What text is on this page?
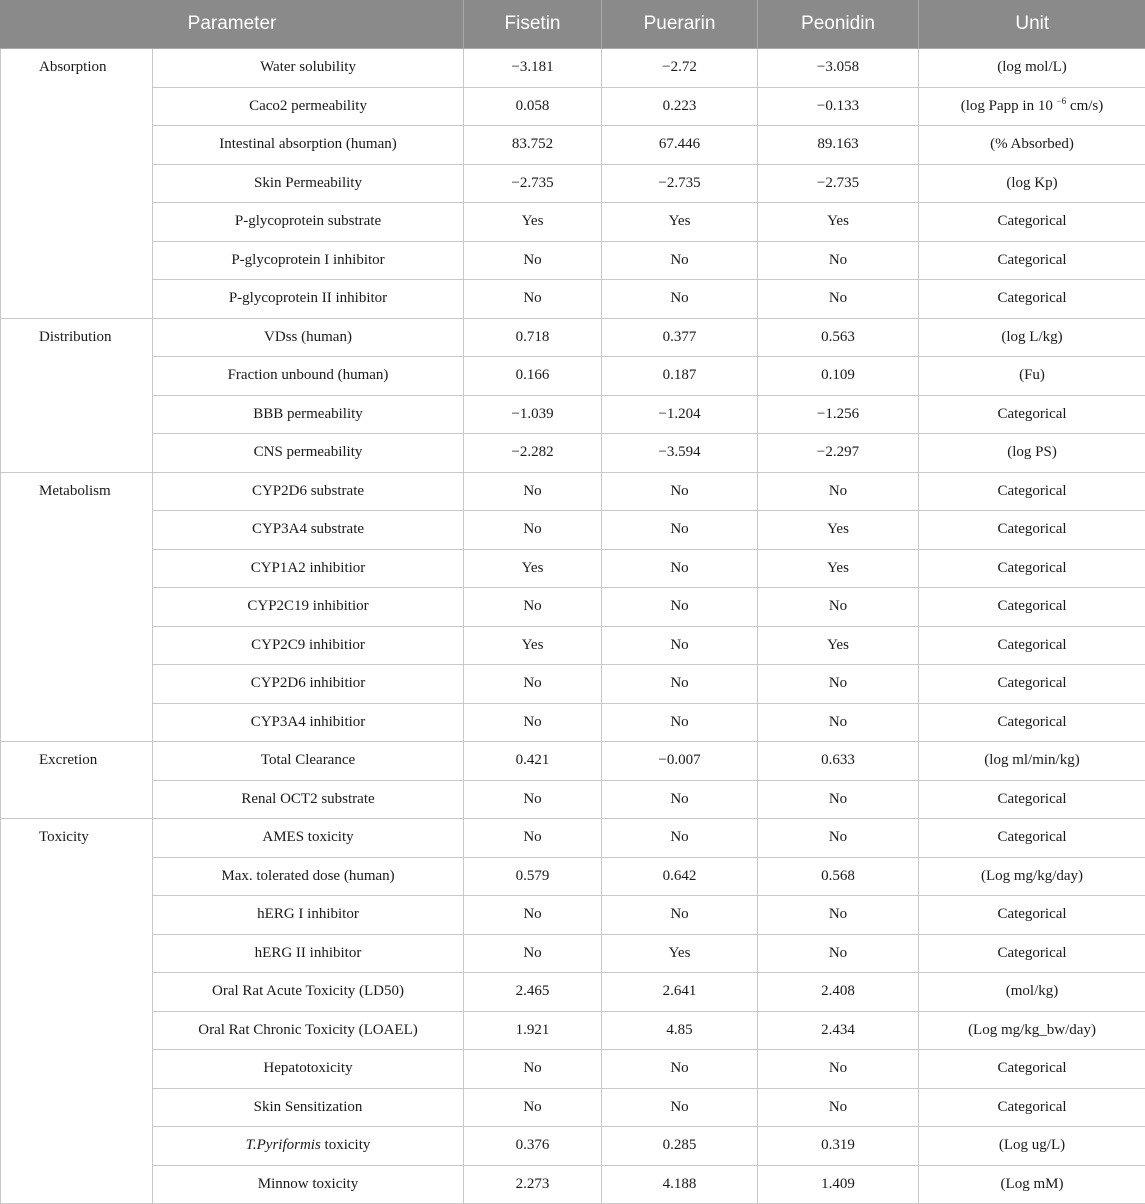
Parameter		Fisetin	Puerarin	Peonidin	Unit
Absorption	Water solubility	−3.181	−2.72	−3.058	(log mol/L)
	Caco2 permeability	0.058	0.223	−0.133	(log Papp in 10 $^{-6}$ cm/s)
	Intestinal absorption (human)	83.752	67.446	89.163	(% Absorbed)
	Skin Permeability	−2.735	−2.735	−2.735	(log Kp)
	P-glycoprotein substrate	Yes	Yes	Yes	Categorical
	P-glycoprotein I inhibitor	No	No	No	Categorical
	P-glycoprotein II inhibitor	No	No	No	Categorical
Distribution	VDss (human)	0.718	0.377	0.563	(log L/kg)
	Fraction unbound (human)	0.166	0.187	0.109	(Fu)
	BBB permeability	−1.039	−1.204	−1.256	Categorical
	CNS permeability	−2.282	−3.594	−2.297	(log PS)
Metabolism	CYP2D6 substrate	No	No	No	Categorical
	CYP3A4 substrate	No	No	Yes	Categorical
	CYP1A2 inhibitior	Yes	No	Yes	Categorical
	CYP2C19 inhibitior	No	No	No	Categorical
	CYP2C9 inhibitior	Yes	No	Yes	Categorical
	CYP2D6 inhibitior	No	No	No	Categorical
	CYP3A4 inhibitior	No	No	No	Categorical
Excretion	Total Clearance	0.421	−0.007	0.633	(log ml/min/kg)
	Renal OCT2 substrate	No	No	No	Categorical
Toxicity	AMES toxicity	No	No	No	Categorical
	Max. tolerated dose (human)	0.579	0.642	0.568	(Log mg/kg/day)
	hERG I inhibitor	No	No	No	Categorical
	hERG II inhibitor	No	Yes	No	Categorical
	Oral Rat Acute Toxicity (LD50)	2.465	2.641	2.408	(mol/kg)
	Oral Rat Chronic Toxicity (LOAEL)	1.921	4.85	2.434	(Log mg/kg_bw/day)
	Hepatotoxicity	No	No	No	Categorical
	Skin Sensitization	No	No	No	Categorical
	T.Pyriformis toxicity	0.376	0.285	0.319	(Log ug/L)
	Minnow toxicity	2.273	4.188	1.409	(Log mM)
